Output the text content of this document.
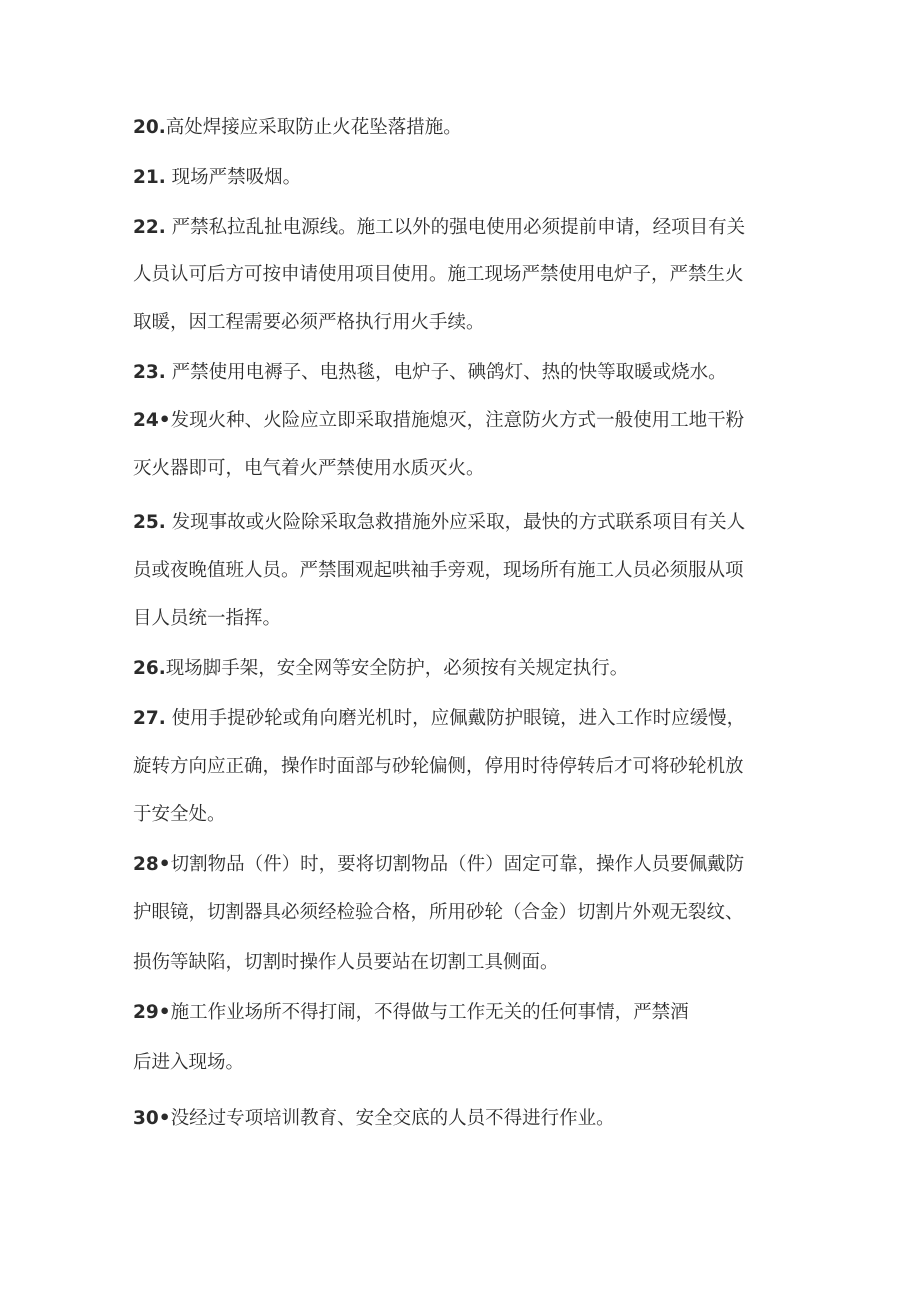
20.高处焊接应采取防止火花坠落措施。
21. 现场严禁吸烟。
22. 严禁私拉乱扯电源线。施工以外的强电使用必须提前申请，经项目有关
人员认可后方可按申请使用项目使用。施工现场严禁使用电炉子，严禁生火
取暖，因工程需要必须严格执行用火手续。
23. 严禁使用电褥子、电热毯，电炉子、碘鸽灯、热的快等取暖或烧水。
24•发现火种、火险应立即采取措施熄灭，注意防火方式一般使用工地干粉
灭火器即可，电气着火严禁使用水质灭火。
25. 发现事故或火险除采取急救措施外应采取，最快的方式联系项目有关人
员或夜晚值班人员。严禁围观起哄袖手旁观，现场所有施工人员必须服从项
目人员统一指挥。
26.现场脚手架，安全网等安全防护，必须按有关规定执行。
27. 使用手提砂轮或角向磨光机时，应佩戴防护眼镜，进入工作时应缓慢，
旋转方向应正确，操作时面部与砂轮偏侧，停用时待停转后才可将砂轮机放
于安全处。
28•切割物品（件）时，要将切割物品（件）固定可靠，操作人员要佩戴防
护眼镜，切割器具必须经检验合格，所用砂轮（合金）切割片外观无裂纹、
损伤等缺陷，切割时操作人员要站在切割工具侧面。
29•施工作业场所不得打闹，不得做与工作无关的任何事情，严禁酒
后进入现场。
30•没经过专项培训教育、安全交底的人员不得进行作业。
